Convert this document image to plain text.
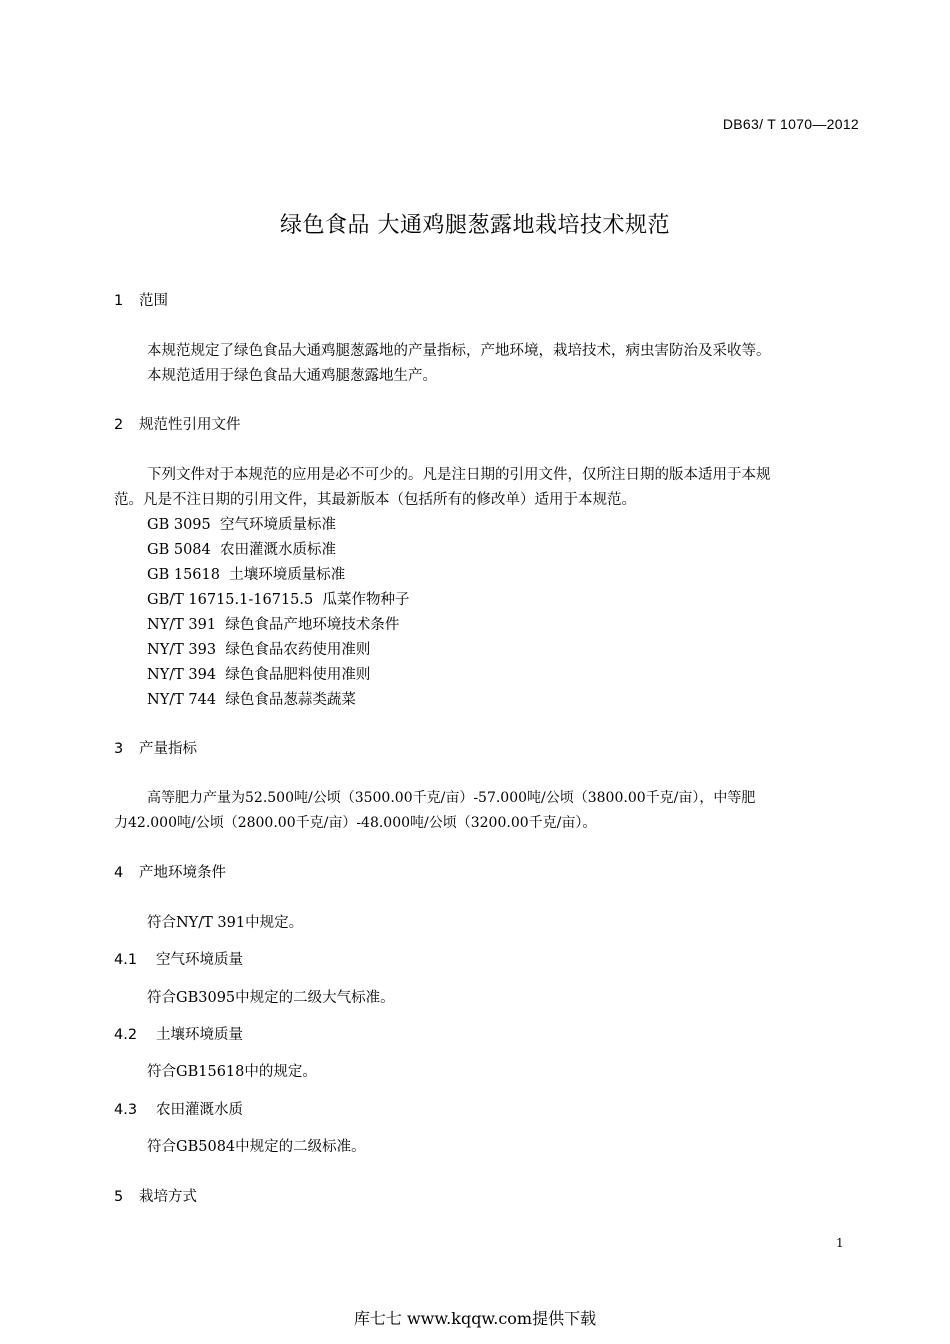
DB63/ T 1070—2012
绿色食品 大通鸡腿葱露地栽培技术规范
1 范围
本规范规定了绿色食品大通鸡腿葱露地的产量指标，产地环境，栽培技术，病虫害防治及采收等。
本规范适用于绿色食品大通鸡腿葱露地生产。
2 规范性引用文件
下列文件对于本规范的应用是必不可少的。凡是注日期的引用文件，仅所注日期的版本适用于本规
范。凡是不注日期的引用文件，其最新版本（包括所有的修改单）适用于本规范。
GB 3095  空气环境质量标准
GB 5084  农田灌溉水质标准
GB 15618  土壤环境质量标准
GB/T 16715.1-16715.5  瓜菜作物种子
NY/T 391  绿色食品产地环境技术条件
NY/T 393  绿色食品农药使用准则
NY/T 394  绿色食品肥料使用准则
NY/T 744  绿色食品葱蒜类蔬菜
3 产量指标
高等肥力产量为52.500吨/公顷（3500.00千克/亩）-57.000吨/公顷（3800.00千克/亩），中等肥
力42.000吨/公顷（2800.00千克/亩）-48.000吨/公顷（3200.00千克/亩）。
4 产地环境条件
符合NY/T 391中规定。
4.1 空气环境质量
符合GB3095中规定的二级大气标准。
4.2 土壤环境质量
符合GB15618中的规定。
4.3 农田灌溉水质
符合GB5084中规定的二级标准。
5 栽培方式
1
库七七 www.kqqw.com提供下载
